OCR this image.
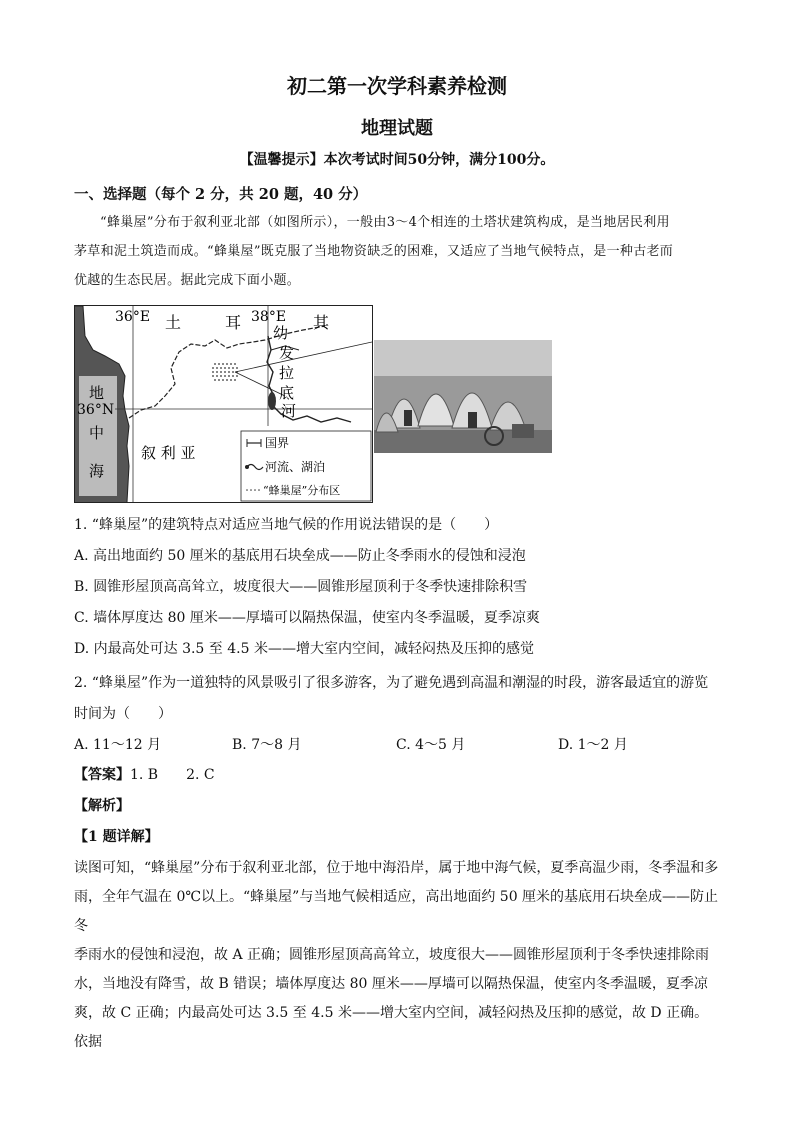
初二第一次学科素养检测
地理试题
【温馨提示】本次考试时间50分钟，满分100分。
一、选择题（每个 2 分，共 20 题，40 分）
“蜂巢屋”分布于叙利亚北部（如图所示），一般由3～4个相连的土塔状建筑构成，是当地居民利用
茅草和泥土筑造而成。“蜂巢屋”既克服了当地物资缺乏的困难，又适应了当地气候特点，是一种古老而
优越的生态民居。据此完成下面小题。
36°E	38°E
36°N
土	耳	其
地
中
海
叙 利 亚
幼
发
拉
底
河
国界
河流、湖泊
“蜂巢屋”分布区
1. “蜂巢屋”的建筑特点对适应当地气候的作用说法错误的是（　　）
A. 高出地面约 50 厘米的基底用石块垒成——防止冬季雨水的侵蚀和浸泡
B. 圆锥形屋顶高高耸立，坡度很大——圆锥形屋顶利于冬季快速排除积雪
C. 墙体厚度达 80 厘米——厚墙可以隔热保温，使室内冬季温暖，夏季凉爽
D. 内最高处可达 3.5 至 4.5 米——增大室内空间，减轻闷热及压抑的感觉
2. “蜂巢屋”作为一道独特的风景吸引了很多游客，为了避免遇到高温和潮湿的时段，游客最适宜的游览
时间为（　　）
A. 11～12 月	B. 7～8 月	C. 4～5 月	D. 1～2 月
【答案】1. B　　2. C
【解析】
【1 题详解】
读图可知，“蜂巢屋”分布于叙利亚北部，位于地中海沿岸，属于地中海气候，夏季高温少雨，冬季温和多
雨，全年气温在 0℃以上。“蜂巢屋”与当地气候相适应，高出地面约 50 厘米的基底用石块垒成——防止冬
季雨水的侵蚀和浸泡，故 A 正确；圆锥形屋顶高高耸立，坡度很大——圆锥形屋顶利于冬季快速排除雨
水，当地没有降雪，故 B 错误；墙体厚度达 80 厘米——厚墙可以隔热保温，使室内冬季温暖，夏季凉
爽，故 C 正确；内最高处可达 3.5 至 4.5 米——增大室内空间，减轻闷热及压抑的感觉，故 D 正确。依据
